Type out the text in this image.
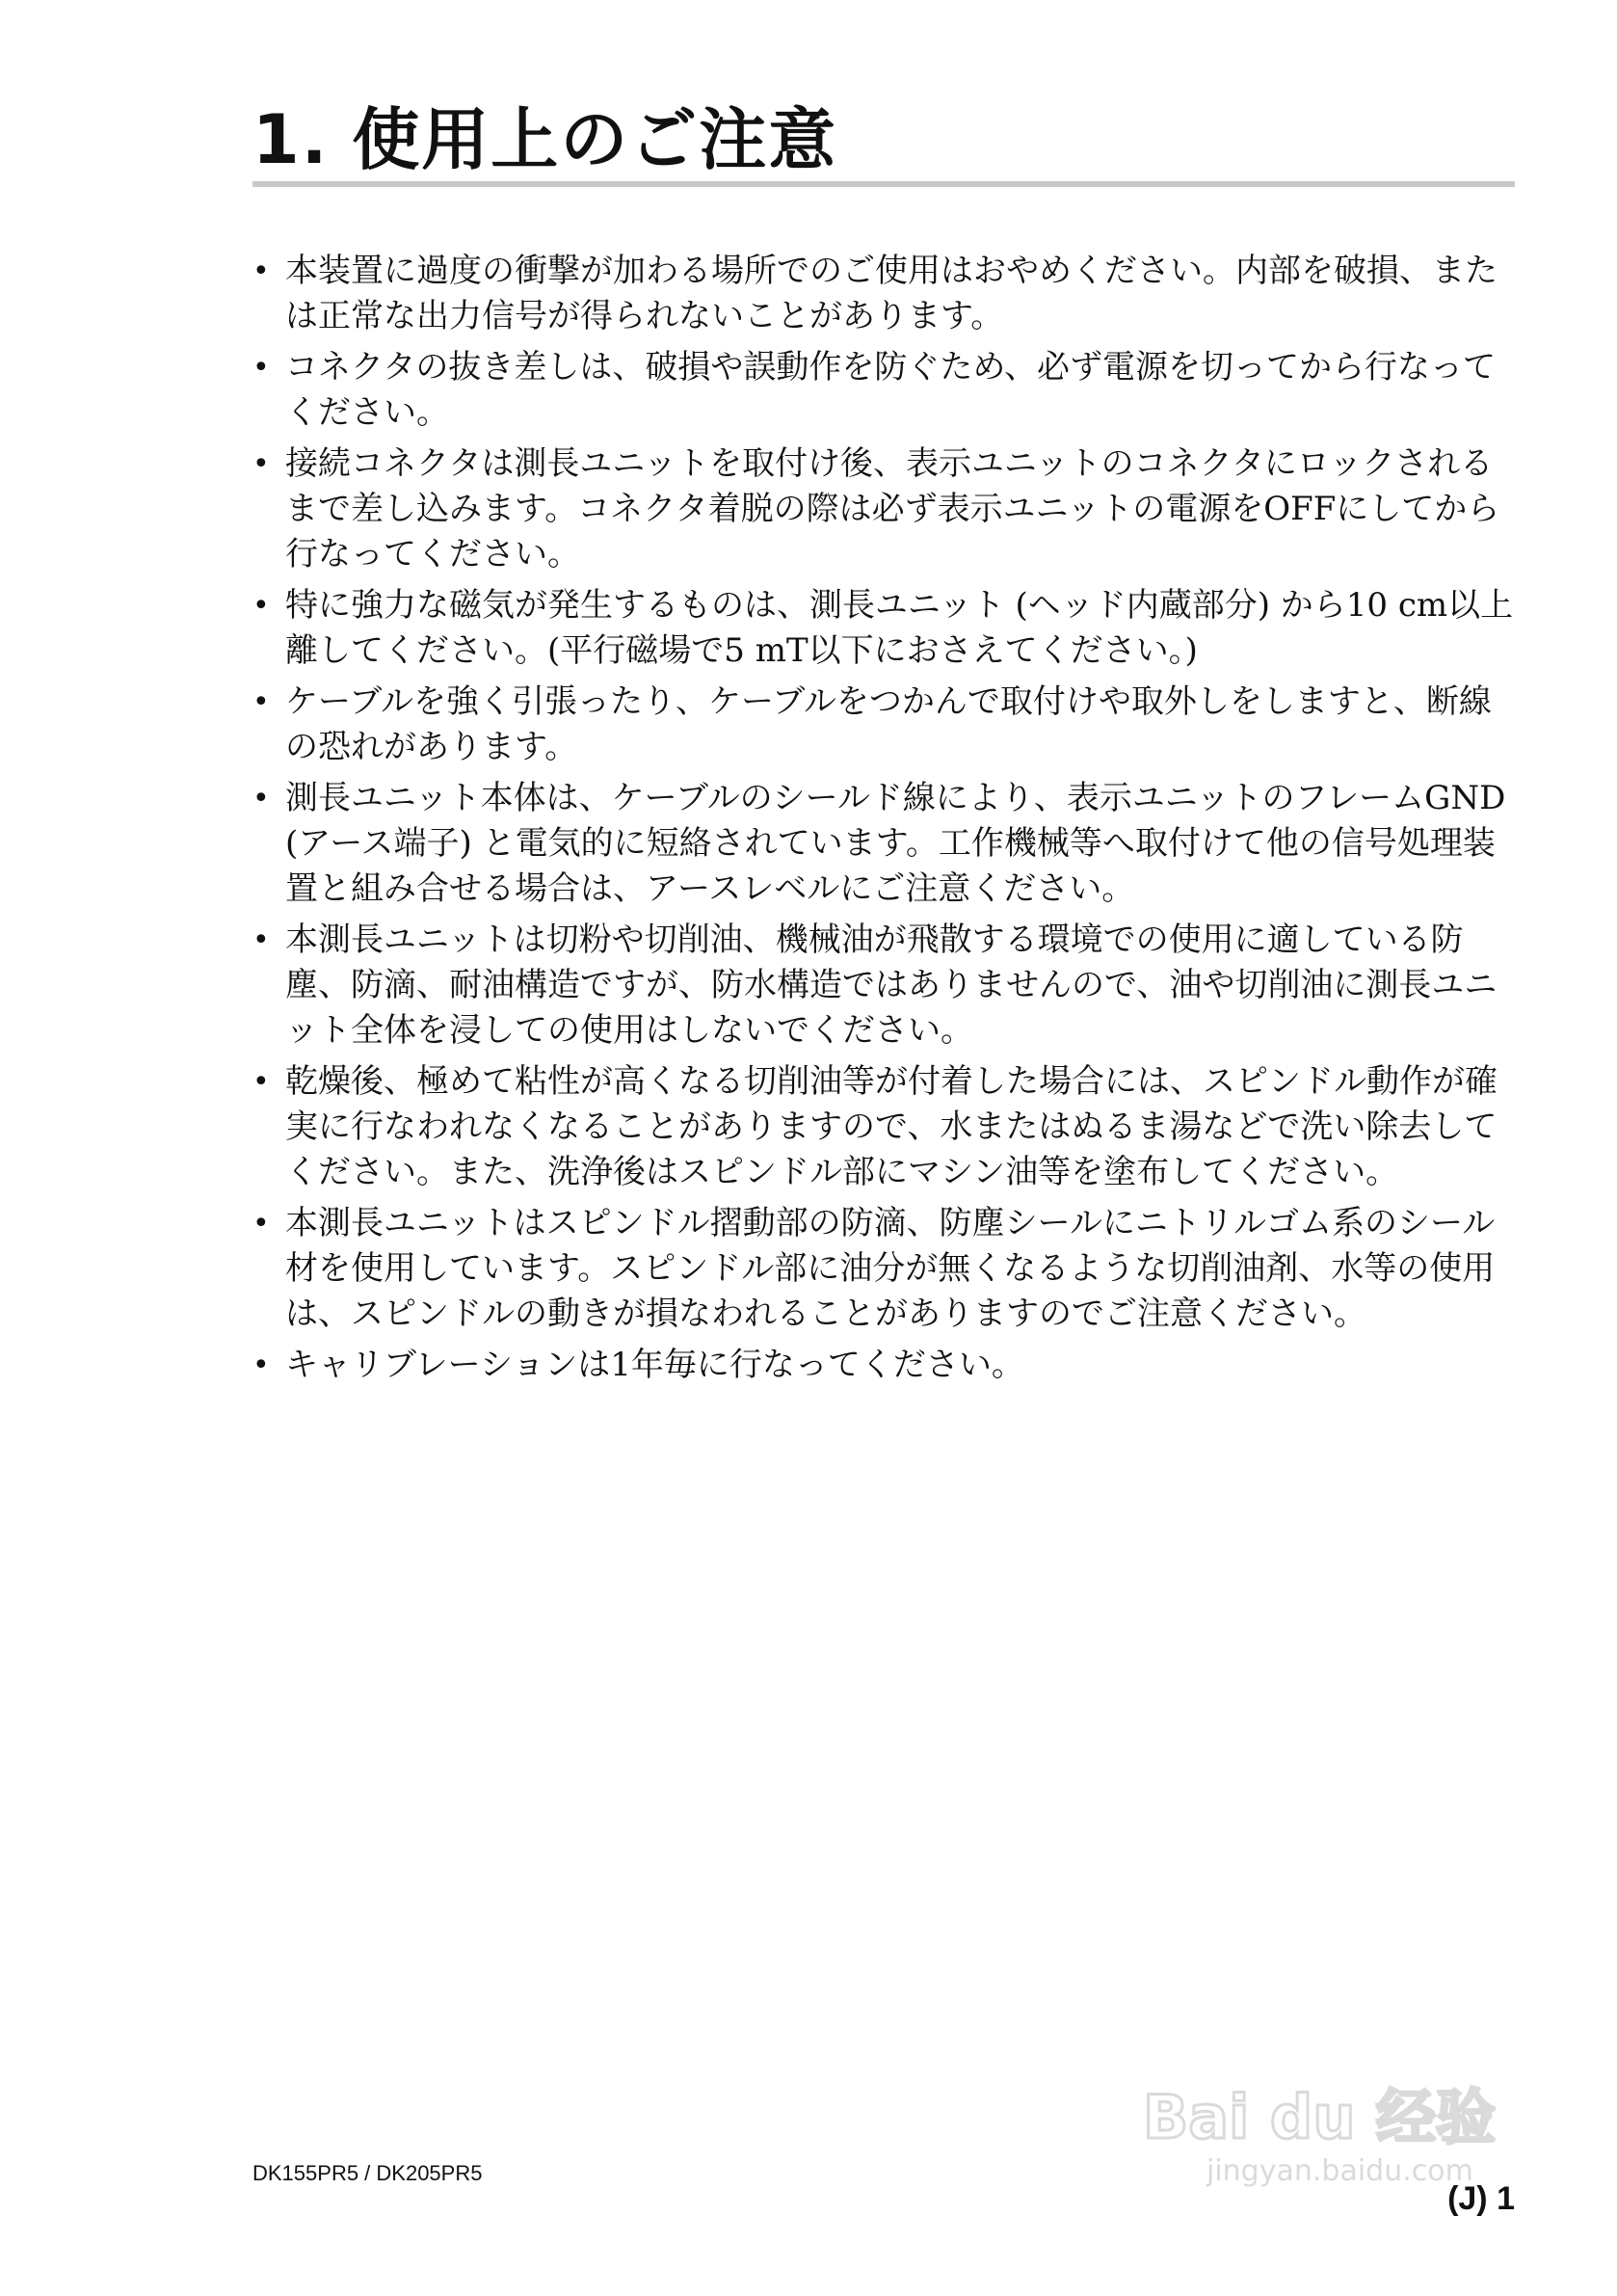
1. 使用上のご注意
• 本装置に過度の衝撃が加わる場所でのご使用はおやめください。内部を破損、または正常な出力信号が得られないことがあります。
• コネクタの抜き差しは、破損や誤動作を防ぐため、必ず電源を切ってから行なってください。
• 接続コネクタは測長ユニットを取付け後、表示ユニットのコネクタにロックされるまで差し込みます。コネクタ着脱の際は必ず表示ユニットの電源をOFFにしてから行なってください。
• 特に強力な磁気が発生するものは、測長ユニット (ヘッド内蔵部分) から10 cm以上離してください。(平行磁場で5 mT以下におさえてください。)
• ケーブルを強く引張ったり、ケーブルをつかんで取付けや取外しをしますと、断線の恐れがあります。
• 測長ユニット本体は、ケーブルのシールド線により、表示ユニットのフレームGND (アース端子) と電気的に短絡されています。工作機械等へ取付けて他の信号処理装置と組み合せる場合は、アースレベルにご注意ください。
• 本測長ユニットは切粉や切削油、機械油が飛散する環境での使用に適している防塵、防滴、耐油構造ですが、防水構造ではありませんので、油や切削油に測長ユニット全体を浸しての使用はしないでください。
• 乾燥後、極めて粘性が高くなる切削油等が付着した場合には、スピンドル動作が確実に行なわれなくなることがありますので、水またはぬるま湯などで洗い除去してください。また、洗浄後はスピンドル部にマシン油等を塗布してください。
• 本測長ユニットはスピンドル摺動部の防滴、防塵シールにニトリルゴム系のシール材を使用しています。スピンドル部に油分が無くなるような切削油剤、水等の使用は、スピンドルの動きが損なわれることがありますのでご注意ください。
• キャリブレーションは1年毎に行なってください。
Bai du 经验
jingyan.baidu.com
DK155PR5 / DK205PR5
(J) 1
